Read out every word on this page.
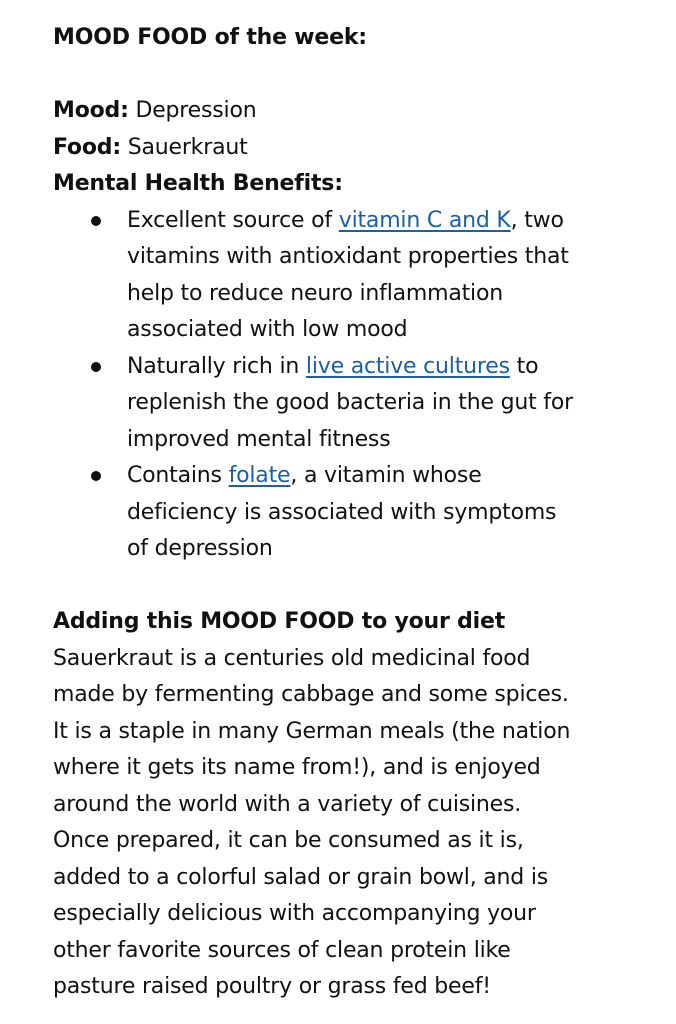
MOOD FOOD of the week:
Mood: Depression
Food: Sauerkraut
Mental Health Benefits:
Excellent source of vitamin C and K, two
vitamins with antioxidant properties that
help to reduce neuro inflammation
associated with low mood
Naturally rich in live active cultures to
replenish the good bacteria in the gut for
improved mental fitness
Contains folate, a vitamin whose
deficiency is associated with symptoms
of depression
Adding this MOOD FOOD to your diet
Sauerkraut is a centuries old medicinal food
made by fermenting cabbage and some spices.
It is a staple in many German meals (the nation
where it gets its name from!), and is enjoyed
around the world with a variety of cuisines.
Once prepared, it can be consumed as it is,
added to a colorful salad or grain bowl, and is
especially delicious with accompanying your
other favorite sources of clean protein like
pasture raised poultry or grass fed beef!
